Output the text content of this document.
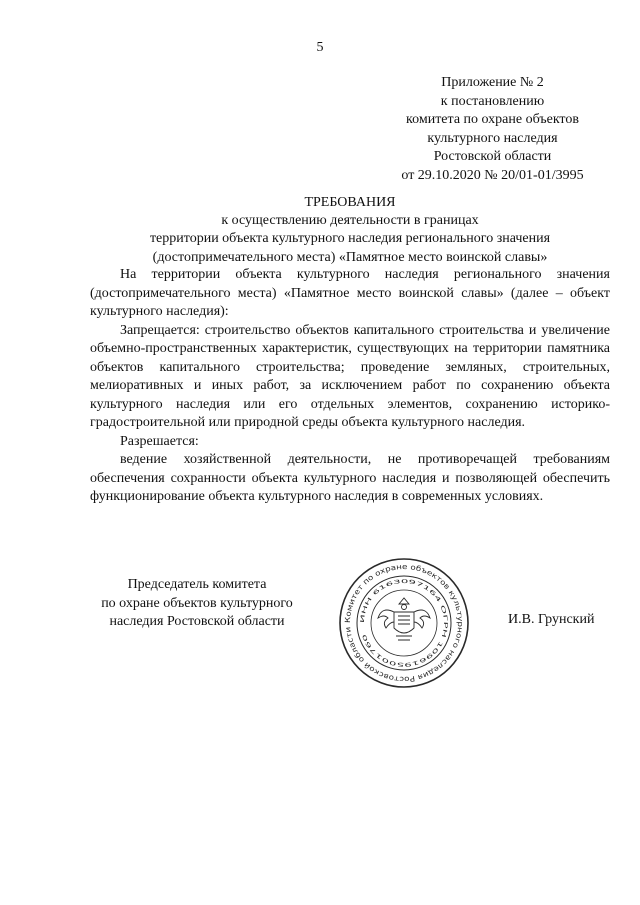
5
Приложение № 2
к постановлению
комитета по охране объектов
культурного наследия
Ростовской области
от 29.10.2020 № 20/01-01/3995
ТРЕБОВАНИЯ
к осуществлению деятельности в границах
территории объекта культурного наследия регионального значения
(достопримечательного места) «Памятное место воинской славы»

На территории объекта культурного наследия регионального значения (достопримечательного места) «Памятное место воинской славы» (далее – объект культурного наследия):

Запрещается: строительство объектов капитального строительства и увеличение объемно-пространственных характеристик, существующих на территории памятника объектов капитального строительства; проведение земляных, строительных, мелиоративных и иных работ, за исключением работ по сохранению объекта культурного наследия или его отдельных элементов, сохранению историко-градостроительной или природной среды объекта культурного наследия.

Разрешается:

ведение хозяйственной деятельности, не противоречащей требованиям обеспечения сохранности объекта культурного наследия и позволяющей обеспечить функционирование объекта культурного наследия в современных условиях.

Председатель комитета
по охране объектов культурного
наследия Ростовской области	И.В. Грунский
Комитет по охране объектов культурного наследия Ростовской области
ИНН 6163097164 ОГРН 1096195001760
